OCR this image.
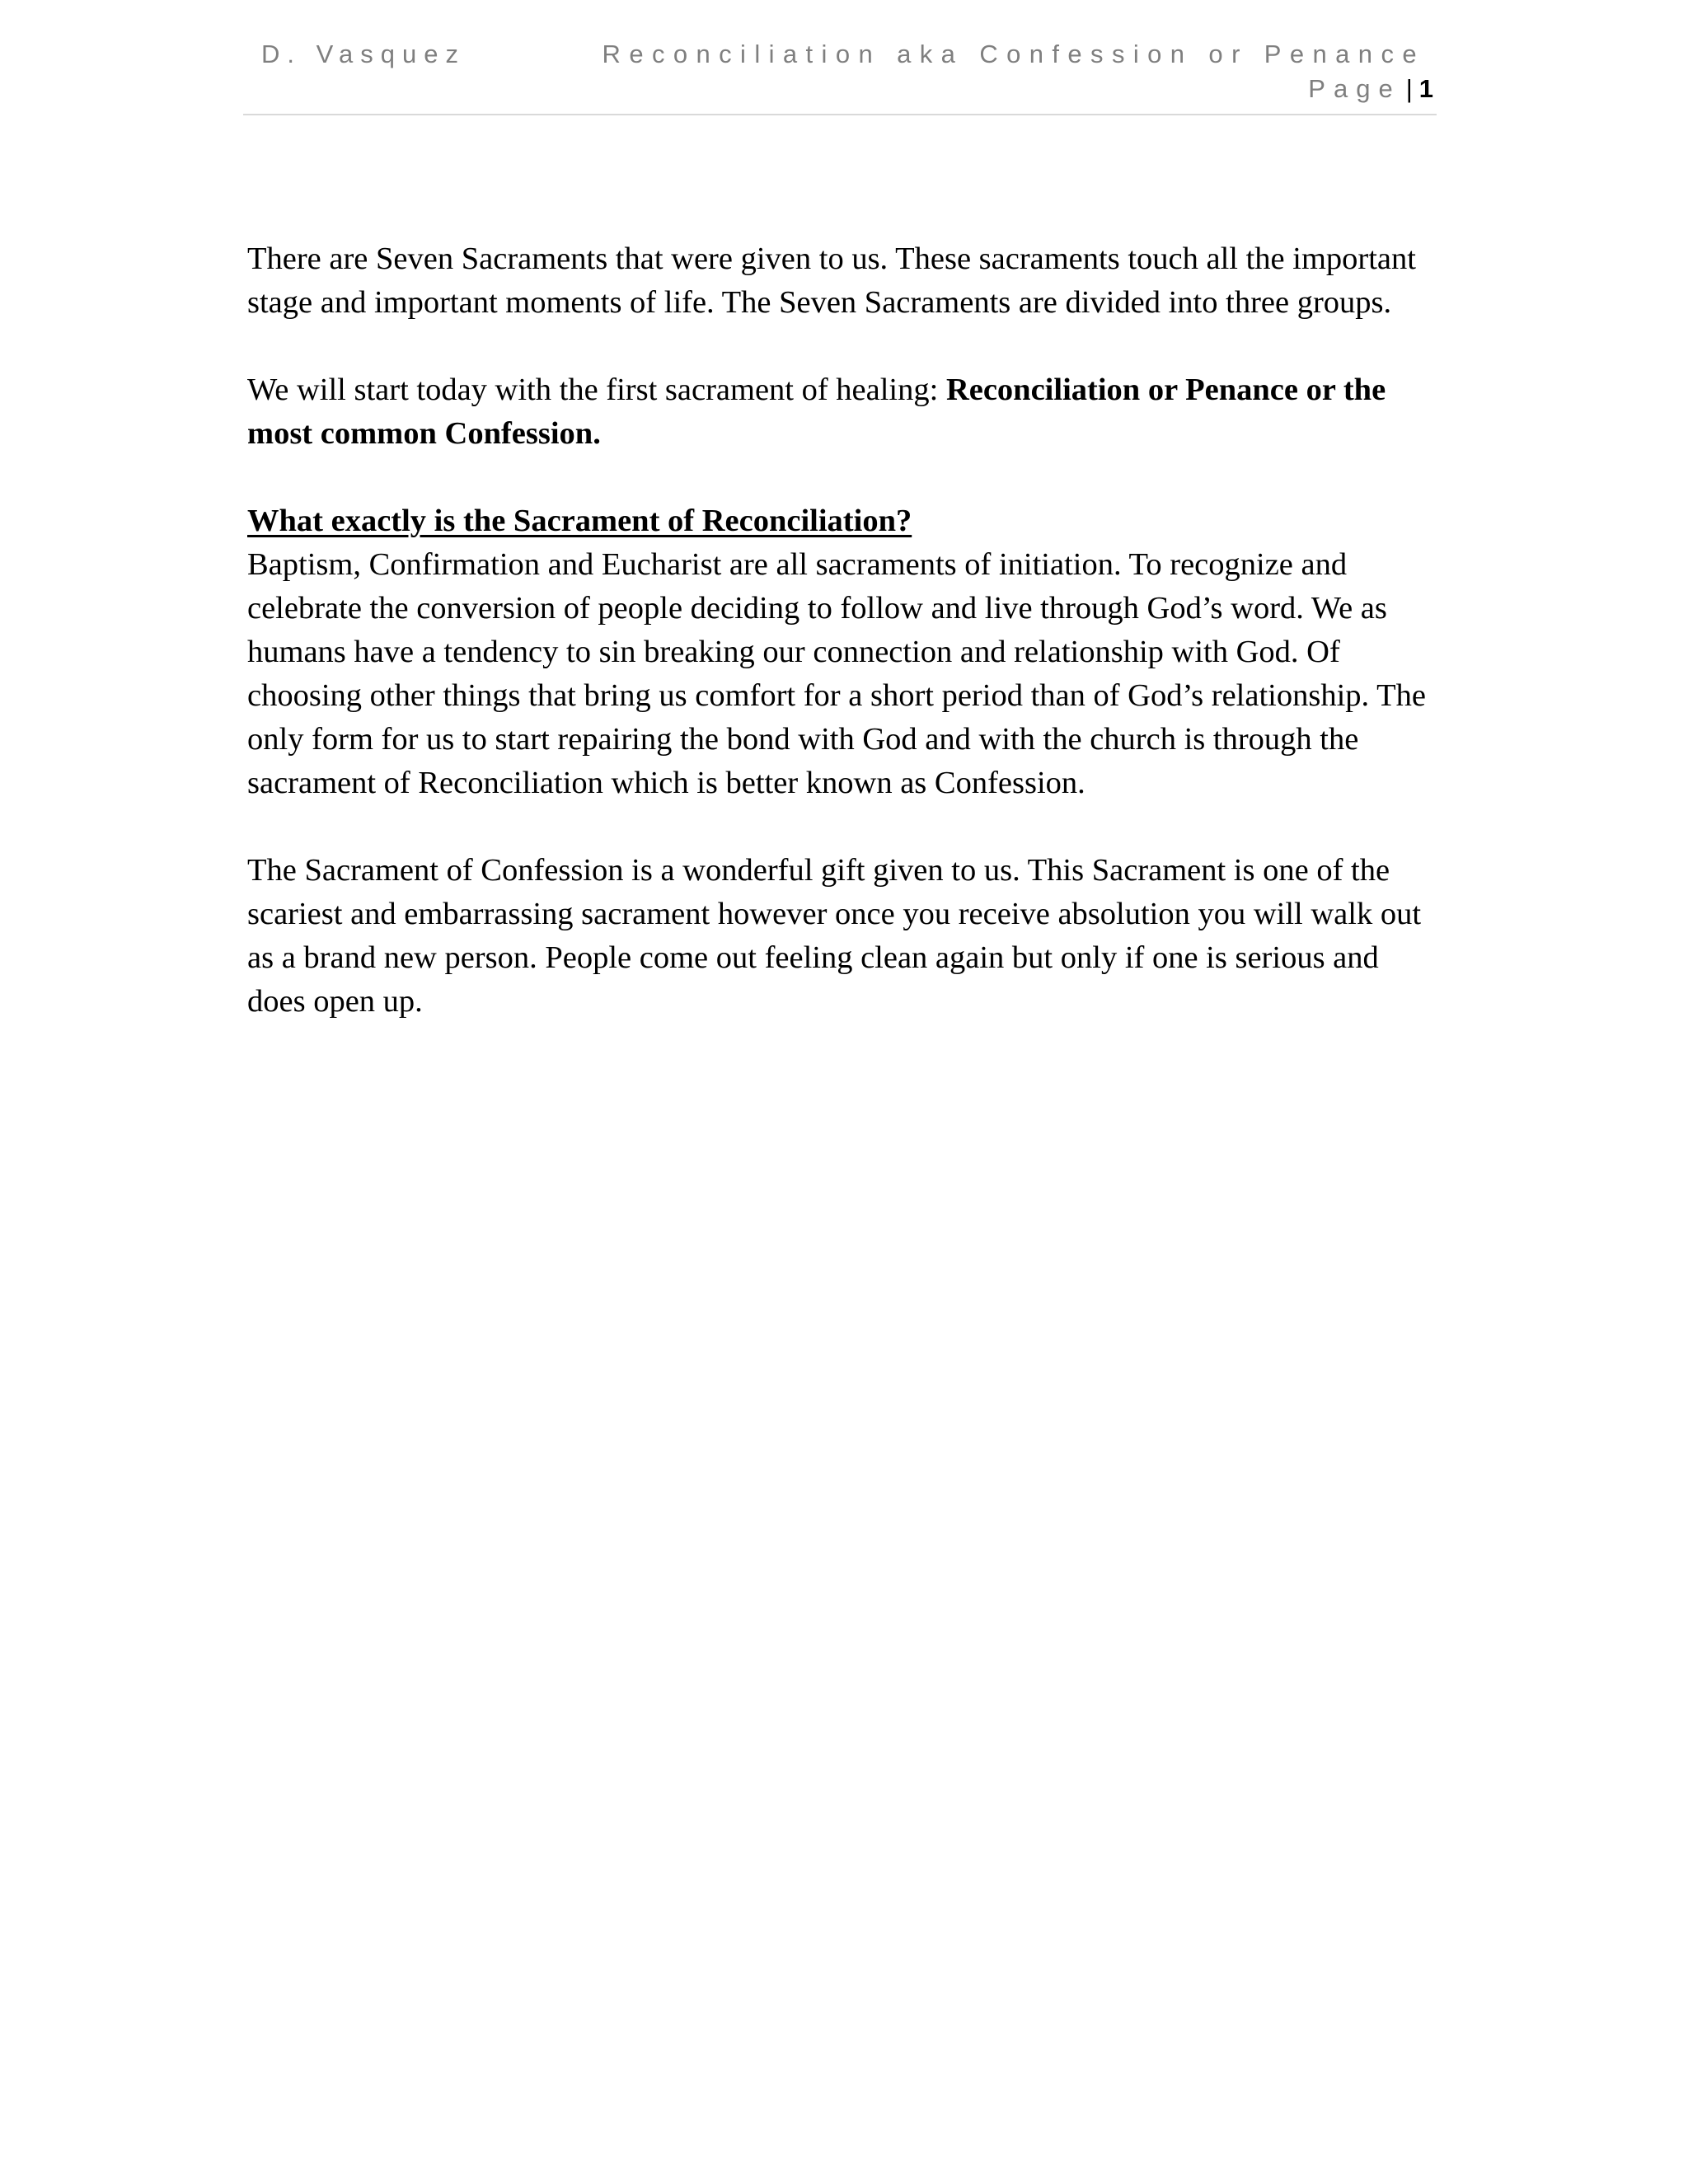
D. Vasquez	Reconciliation aka Confession or Penance
Page | 1

There are Seven Sacraments that were given to us. These sacraments touch all the important stage and important moments of life. The Seven Sacraments are divided into three groups.

We will start today with the first sacrament of healing: Reconciliation or Penance or the most common Confession.

What exactly is the Sacrament of Reconciliation?
Baptism, Confirmation and Eucharist are all sacraments of initiation. To recognize and celebrate the conversion of people deciding to follow and live through God’s word. We as humans have a tendency to sin breaking our connection and relationship with God. Of choosing other things that bring us comfort for a short period than of God’s relationship. The only form for us to start repairing the bond with God and with the church is through the sacrament of Reconciliation which is better known as Confession.

The Sacrament of Confession is a wonderful gift given to us. This Sacrament is one of the scariest and embarrassing sacrament however once you receive absolution you will walk out as a brand new person. People come out feeling clean again but only if one is serious and does open up.
